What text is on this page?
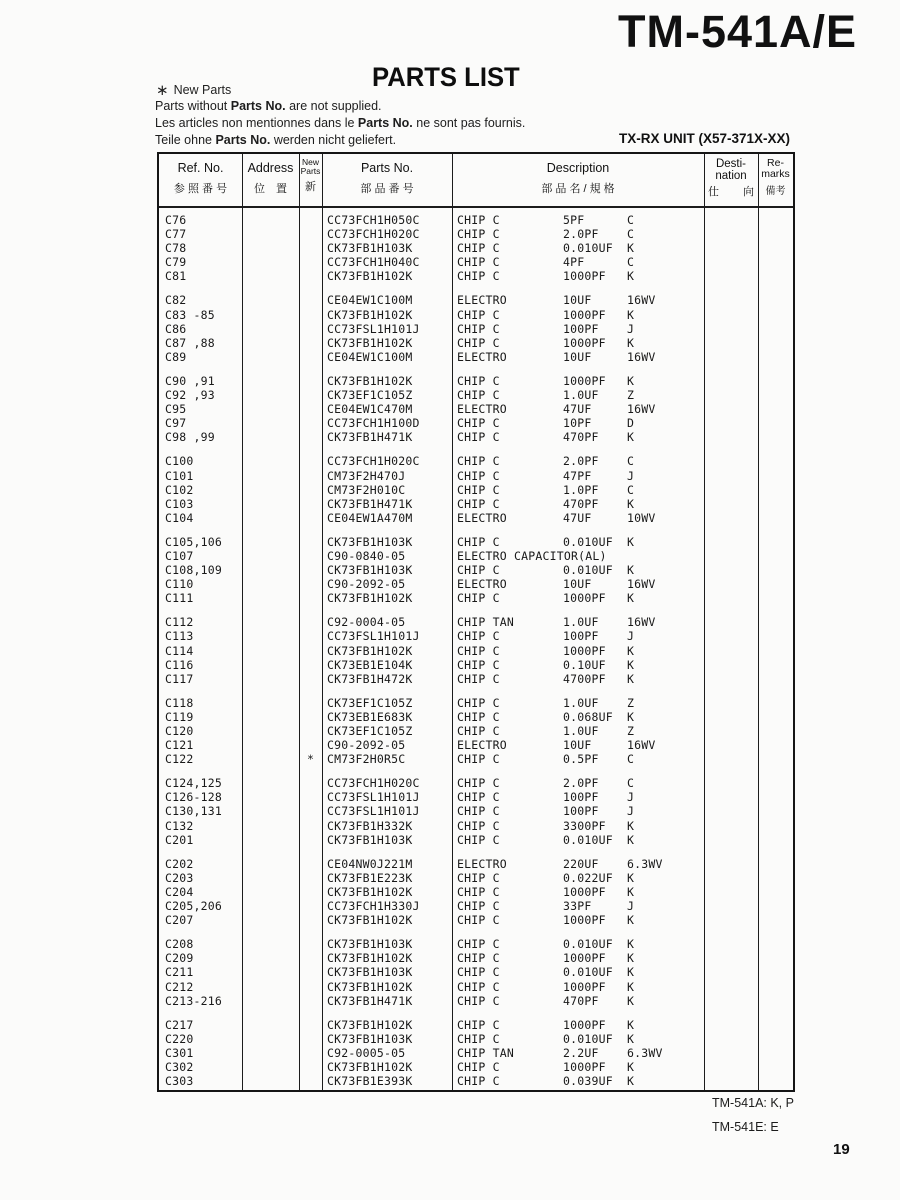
TM-541A/E
PARTS LIST
∗ New Parts
Parts without Parts No. are not supplied.
Les articles non mentionnes dans le Parts No. ne sont pas fournis.
Teile ohne Parts No. werden nicht geliefert.	TX-RX UNIT (X57-371X-XX)
Ref. No.
参 照 番 号
Address
位　置
New
Parts
新
Parts No.
部 品 番 号
Description
部 品 名 / 規 格
Desti-
nation
仕 向
Re-
marks
備考
C76	CC73FCH1H050C	CHIP C	5PF	C
C77	CC73FCH1H020C	CHIP C	2.0PF C
C78	CK73FB1H103K	CHIP C	0.010UF K
C79	CC73FCH1H040C	CHIP C	4PF	C
C81	CK73FB1H102K	CHIP C	1000PF K
C82	CE04EW1C100M	ELECTRO	10UF	16WV
C83 -85	CK73FB1H102K	CHIP C	1000PF K
C86	CC73FSL1H101J	CHIP C	100PF J
C87 ,88	CK73FB1H102K	CHIP C	1000PF K
C89	CE04EW1C100M	ELECTRO	10UF	16WV
C90 ,91	CK73FB1H102K	CHIP C	1000PF K
C92 ,93	CK73EF1C105Z	CHIP C	1.0UF Z
C95	CE04EW1C470M	ELECTRO	47UF	16WV
C97	CC73FCH1H100D	CHIP C	10PF	D
C98 ,99	CK73FB1H471K	CHIP C	470PF K
C100	CC73FCH1H020C	CHIP C	2.0PF C
C101	CM73F2H470J	CHIP C	47PF	J
C102	CM73F2H010C	CHIP C	1.0PF C
C103	CK73FB1H471K	CHIP C	470PF K
C104	CE04EW1A470M	ELECTRO	47UF	10WV
C105,106	CK73FB1H103K	CHIP C	0.010UF K
C107	C90-0840-05	ELECTRO CAPACITOR(AL)
C108,109	CK73FB1H103K	CHIP C	0.010UF K
C110	C90-2092-05	ELECTRO	10UF	16WV
C111	CK73FB1H102K	CHIP C	1000PF K
C112	C92-0004-05	CHIP TAN	1.0UF 16WV
C113	CC73FSL1H101J	CHIP C	100PF J
C114	CK73FB1H102K	CHIP C	1000PF K
C116	CK73EB1E104K	CHIP C	0.10UF K
C117	CK73FB1H472K	CHIP C	4700PF K
C118	CK73EF1C105Z	CHIP C	1.0UF Z
C119	CK73EB1E683K	CHIP C	0.068UF K
C120	CK73EF1C105Z	CHIP C	1.0UF Z
C121	C90-2092-05	ELECTRO	10UF	16WV
C122	*	CM73F2H0R5C	CHIP C	0.5PF C
C124,125	CC73FCH1H020C	CHIP C	2.0PF C
C126-128	CC73FSL1H101J	CHIP C	100PF J
C130,131	CC73FSL1H101J	CHIP C	100PF J
C132	CK73FB1H332K	CHIP C	3300PF K
C201	CK73FB1H103K	CHIP C	0.010UF K
C202	CE04NW0J221M	ELECTRO	220UF 6.3WV
C203	CK73FB1E223K	CHIP C	0.022UF K
C204	CK73FB1H102K	CHIP C	1000PF K
C205,206	CC73FCH1H330J	CHIP C	33PF	J
C207	CK73FB1H102K	CHIP C	1000PF K
C208	CK73FB1H103K	CHIP C	0.010UF K
C209	CK73FB1H102K	CHIP C	1000PF K
C211	CK73FB1H103K	CHIP C	0.010UF K
C212	CK73FB1H102K	CHIP C	1000PF K
C213-216	CK73FB1H471K	CHIP C	470PF K
C217	CK73FB1H102K	CHIP C	1000PF K
C220	CK73FB1H103K	CHIP C	0.010UF K
C301	C92-0005-05	CHIP TAN	2.2UF 6.3WV
C302	CK73FB1H102K	CHIP C	1000PF K
C303	CK73FB1E393K	CHIP C	0.039UF K
TM-541A: K, P
TM-541E: E
19
